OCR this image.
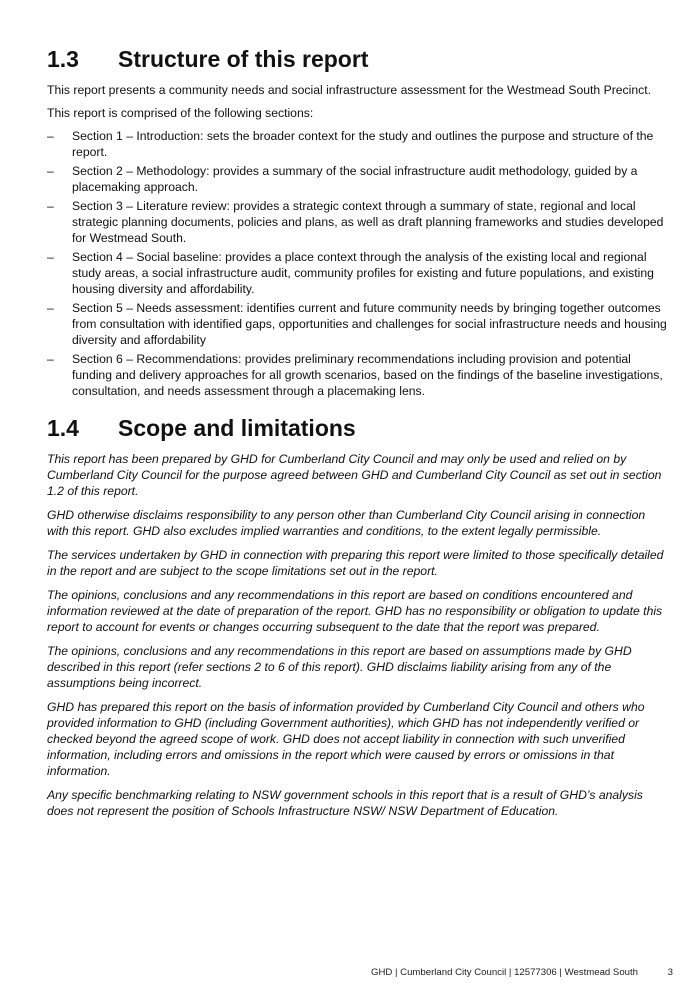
1.3	Structure of this report

This report presents a community needs and social infrastructure assessment for the Westmead South Precinct.

This report is comprised of the following sections:

–	Section 1 – Introduction: sets the broader context for the study and outlines the purpose and structure of the report.
–	Section 2 – Methodology: provides a summary of the social infrastructure audit methodology, guided by a placemaking approach.
–	Section 3 – Literature review: provides a strategic context through a summary of state, regional and local strategic planning documents, policies and plans, as well as draft planning frameworks and studies developed for Westmead South.
–	Section 4 – Social baseline: provides a place context through the analysis of the existing local and regional study areas, a social infrastructure audit, community profiles for existing and future populations, and existing housing diversity and affordability.
–	Section 5 – Needs assessment: identifies current and future community needs by bringing together outcomes from consultation with identified gaps, opportunities and challenges for social infrastructure needs and housing diversity and affordability
–	Section 6 – Recommendations: provides preliminary recommendations including provision and potential funding and delivery approaches for all growth scenarios, based on the findings of the baseline investigations, consultation, and needs assessment through a placemaking lens.
1.4	Scope and limitations

This report has been prepared by GHD for Cumberland City Council and may only be used and relied on by Cumberland City Council for the purpose agreed between GHD and Cumberland City Council as set out in section 1.2 of this report.

GHD otherwise disclaims responsibility to any person other than Cumberland City Council arising in connection with this report. GHD also excludes implied warranties and conditions, to the extent legally permissible.

The services undertaken by GHD in connection with preparing this report were limited to those specifically detailed in the report and are subject to the scope limitations set out in the report.

The opinions, conclusions and any recommendations in this report are based on conditions encountered and information reviewed at the date of preparation of the report. GHD has no responsibility or obligation to update this report to account for events or changes occurring subsequent to the date that the report was prepared.

The opinions, conclusions and any recommendations in this report are based on assumptions made by GHD described in this report (refer sections 2 to 6 of this report). GHD disclaims liability arising from any of the assumptions being incorrect.

GHD has prepared this report on the basis of information provided by Cumberland City Council and others who provided information to GHD (including Government authorities), which GHD has not independently verified or checked beyond the agreed scope of work. GHD does not accept liability in connection with such unverified information, including errors and omissions in the report which were caused by errors or omissions in that information.

Any specific benchmarking relating to NSW government schools in this report that is a result of GHD’s analysis does not represent the position of Schools Infrastructure NSW/ NSW Department of Education.

GHD | Cumberland City Council | 12577306 | Westmead South	3
